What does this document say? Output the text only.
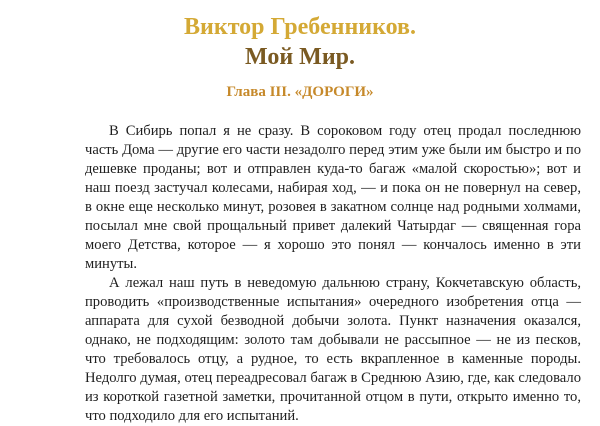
Виктор Гребенников.
Мой Мир.
Глава III. «ДОРОГИ»

В Сибирь попал я не сразу. В сороковом году отец продал последнюю часть Дома — другие его части незадолго перед этим уже были им быстро и по дешевке проданы; вот и отправлен куда-то багаж «малой скоростью»; вот и наш поезд застучал колесами, набирая ход, — и пока он не повернул на север, в окне еще несколько минут, розовея в закатном солнце над родными холмами, посылал мне свой прощальный привет далекий Чатырдаг — священная гора моего Детства, которое — я хорошо это понял — кончалось именно в эти минуты.

А лежал наш путь в неведомую дальнюю страну, Кокчетавскую область, проводить «производственные испытания» очередного изобретения отца — аппарата для сухой безводной добычи золота. Пункт назначения оказался, однако, не подходящим: золото там добывали не рассыпное — не из песков, что требовалось отцу, а рудное, то есть вкрапленное в каменные породы. Недолго думая, отец переадресовал багаж в Среднюю Азию, где, как следовало из короткой газетной заметки, прочитанной отцом в пути, открыто именно то, что подходило для его испытаний.
